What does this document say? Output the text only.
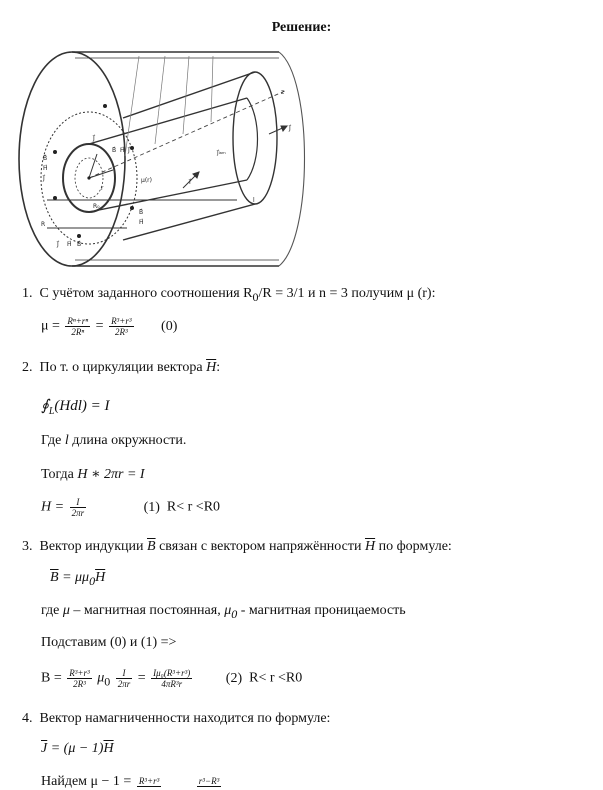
Решение:
z
J⃗
J⃗
B⃗ H⃗ J⃗
B⃗
H⃗
J⃗
B⃗
H⃗
r
R₀
μ(r)	I⃗
j⃗ₗₐₘ
l
R
J⃗ H⃗ B⃗
1. С учётом заданного соотношения $R_0/R = 3/1$ и n = 3 получим μ (r):
$\mu = \frac{\text{Rⁿ+rⁿ}}{\text{2Rⁿ}} = \frac{\text{R³+r³}}{\text{2R³}} (0)$
2. По т. о циркуляции вектора $\overline{H}$:
$∮_L(Hdl) = I$
Где l длина окружности.
Тогда H ∗ 2πr = I
$H = \frac{I}{2\pi r}$	(1) R< r <R0
3. Вектор индукции $\overline{B}$ связан с вектором напряжённости $\overline{H}$ по формуле:
$\overline{B} = \mu\mu_0\overline{H}$
где μ – магнитная постоянная, $\mu_0$ - магнитная проницаемость
Подставим (0) и (1) =>
$B = \frac{\text{R³+r³}}{\text{2R³}} \mu_0 \frac{I}{2\pi r} = \frac{\text{Iμ₀(R³+r³)}}{\text{4πR³r}} (2)$ R< r <R0
4. Вектор намагниченности находится по формуле:
$\overline{J} = (\mu - 1)\overline{H}$
Найдем μ − 1 = R³+r³
	r³−R³
